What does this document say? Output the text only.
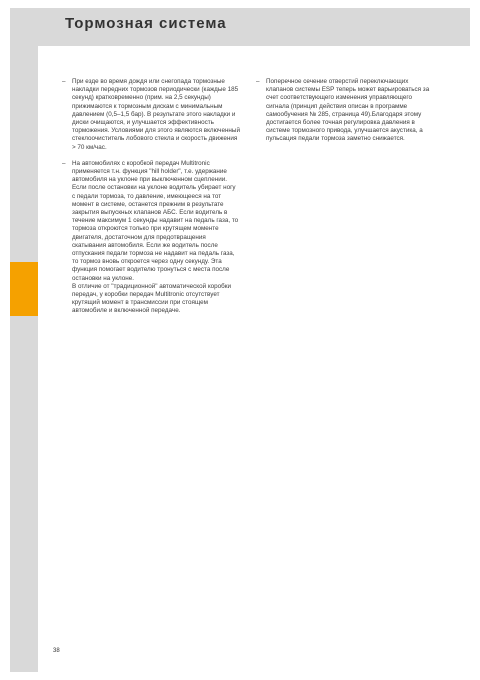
Тормозная система
–	При езде во время дождя или снегопада тормозные накладки передних тормозов периодически (каждые 185 секунд) кратковременно (прим. на 2,5 секунды) прижимаются к тормозным дискам с минимальным давлением (0,5–1,5 бар). В результате этого накладки и диски очищаются, и улучшается эффективность торможения. Условиями для этого являются включенный стеклоочиститель лобового стекла и скорость движения > 70 км/час.
–	На автомобилях с коробкой передач Multitronic применяется т.н. функция "hill holder", т.е. удержание автомобиля на уклоне при выключенном сцеплении. Если после остановки на уклоне водитель убирает ногу с педали тормоза, то давление, имеющееся на тот момент в системе, останется прежним в результате закрытия выпускных клапанов АБС. Если водитель в течение максимум 1 секунды надавит на педаль газа, то тормоза откроются только при крутящем моменте двигателя, достаточном для предотвращения скатывания автомобиля. Если же водитель после отпускания педали тормоза не надавит на педаль газа, то тормоз вновь откроется через одну секунду. Эта функция помогает водителю тронуться с места после остановки на уклоне.
В отличие от "традиционной" автоматической коробки передач, у коробки передач Multitronic отсутствует крутящий момент в трансмиссии при стоящем автомобиле и включенной передаче.
–	Поперечное сечение отверстий переключающих клапанов системы ESP теперь может варьироваться за счет соответствующего изменения управляющего сигнала (принцип действия описан в программе самообучения № 285, страница 49).Благодаря этому достигается более точная регулировка давления в системе тормозного привода, улучшается акустика, а пульсация педали тормоза заметно снижается.
38
